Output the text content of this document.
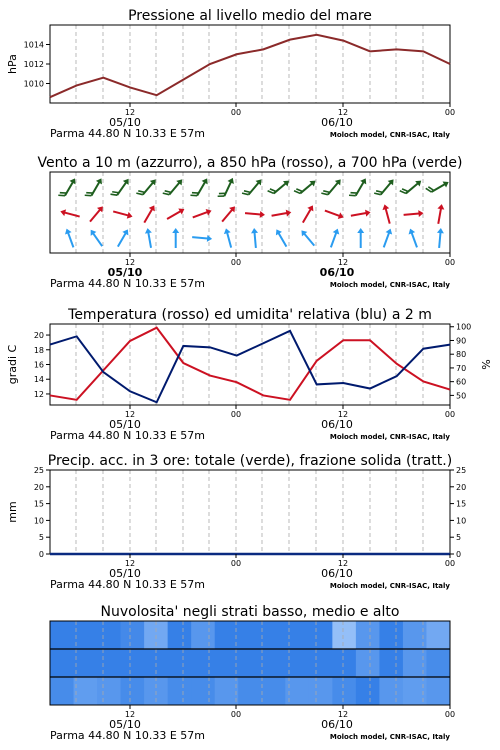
Pressione al livello medio del mare
1010
1012
1014
hPa
12	00	12	00
05/10	06/10
Parma 44.80 N 10.33 E 57m	Moloch model, CNR-ISAC, Italy
Vento a 10 m (azzurro), a 850 hPa (rosso), a 700 hPa (verde)
12	00	12	00
05/10	06/10
Parma 44.80 N 10.33 E 57m	Moloch model, CNR-ISAC, Italy
Temperatura (rosso) ed umidita' relativa (blu) a 2 m
12
14
16
18
20
50
60
70
80
90
100
gradi C	%
12	00	12	00
05/10	06/10
Parma 44.80 N 10.33 E 57m	Moloch model, CNR-ISAC, Italy
Precip. acc. in 3 ore: totale (verde), frazione solida (tratt.)
0
5
10
15
20
25
0
5
10
15
20
25
mm
12	00	12	00
05/10	06/10
Parma 44.80 N 10.33 E 57m	Moloch model, CNR-ISAC, Italy
Nuvolosita' negli strati basso, medio e alto
12	00	12	00
05/10	06/10
Parma 44.80 N 10.33 E 57m	Moloch model, CNR-ISAC, Italy
